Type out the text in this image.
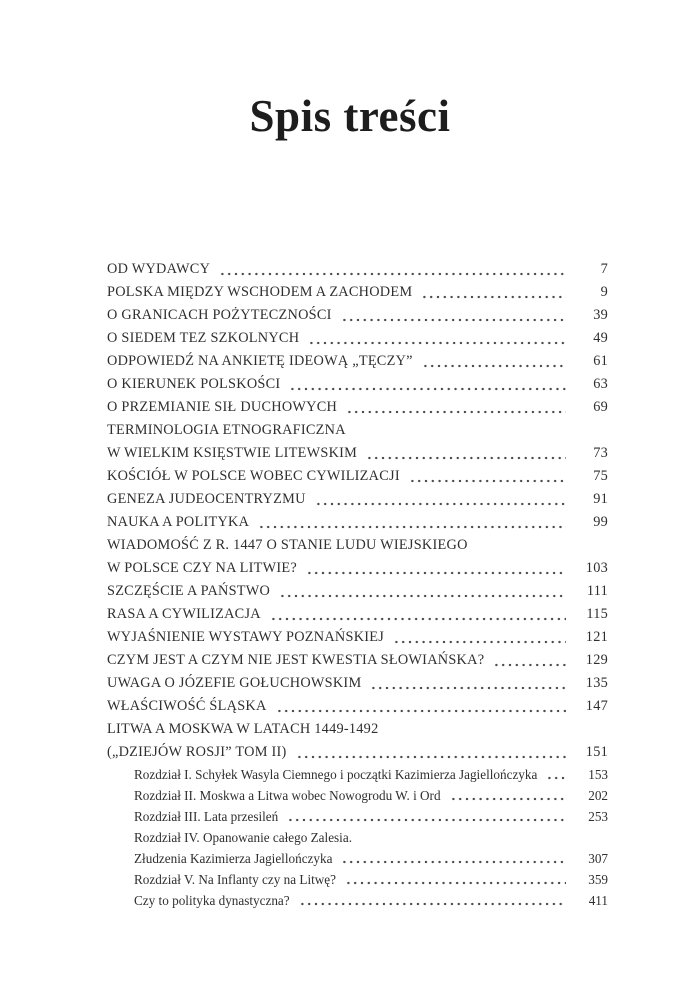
Spis treści
OD WYDAWCY	7
POLSKA MIĘDZY WSCHODEM A ZACHODEM	9
O GRANICACH POŻYTECZNOŚCI	39
O SIEDEM TEZ SZKOLNYCH	49
ODPOWIEDŹ NA ANKIETĘ IDEOWĄ „TĘCZY”	61
O KIERUNEK POLSKOŚCI	63
O PRZEMIANIE SIŁ DUCHOWYCH	69
TERMINOLOGIA ETNOGRAFICZNA
W WIELKIM KSIĘSTWIE LITEWSKIM	73
KOŚCIÓŁ W POLSCE WOBEC CYWILIZACJI	75
GENEZA JUDEOCENTRYZMU	91
NAUKA A POLITYKA	99
WIADOMOŚĆ Z R. 1447 O STANIE LUDU WIEJSKIEGO
W POLSCE CZY NA LITWIE?	103
SZCZĘŚCIE A PAŃSTWO	111
RASA A CYWILIZACJA	115
WYJAŚNIENIE WYSTAWY POZNAŃSKIEJ	121
CZYM JEST A CZYM NIE JEST KWESTIA SŁOWIAŃSKA?	129
UWAGA O JÓZEFIE GOŁUCHOWSKIM	135
WŁAŚCIWOŚĆ ŚLĄSKA	147
LITWA A MOSKWA W LATACH 1449-1492
(„DZIEJÓW ROSJI” TOM II)	151
Rozdział I. Schyłek Wasyla Ciemnego i początki Kazimierza Jagiellończyka	153
Rozdział II. Moskwa a Litwa wobec Nowogrodu W. i Ord	202
Rozdział III. Lata przesileń	253
Rozdział IV. Opanowanie całego Zalesia.
Złudzenia Kazimierza Jagiellończyka	307
Rozdział V. Na Inflanty czy na Litwę?	359
Czy to polityka dynastyczna?	411
